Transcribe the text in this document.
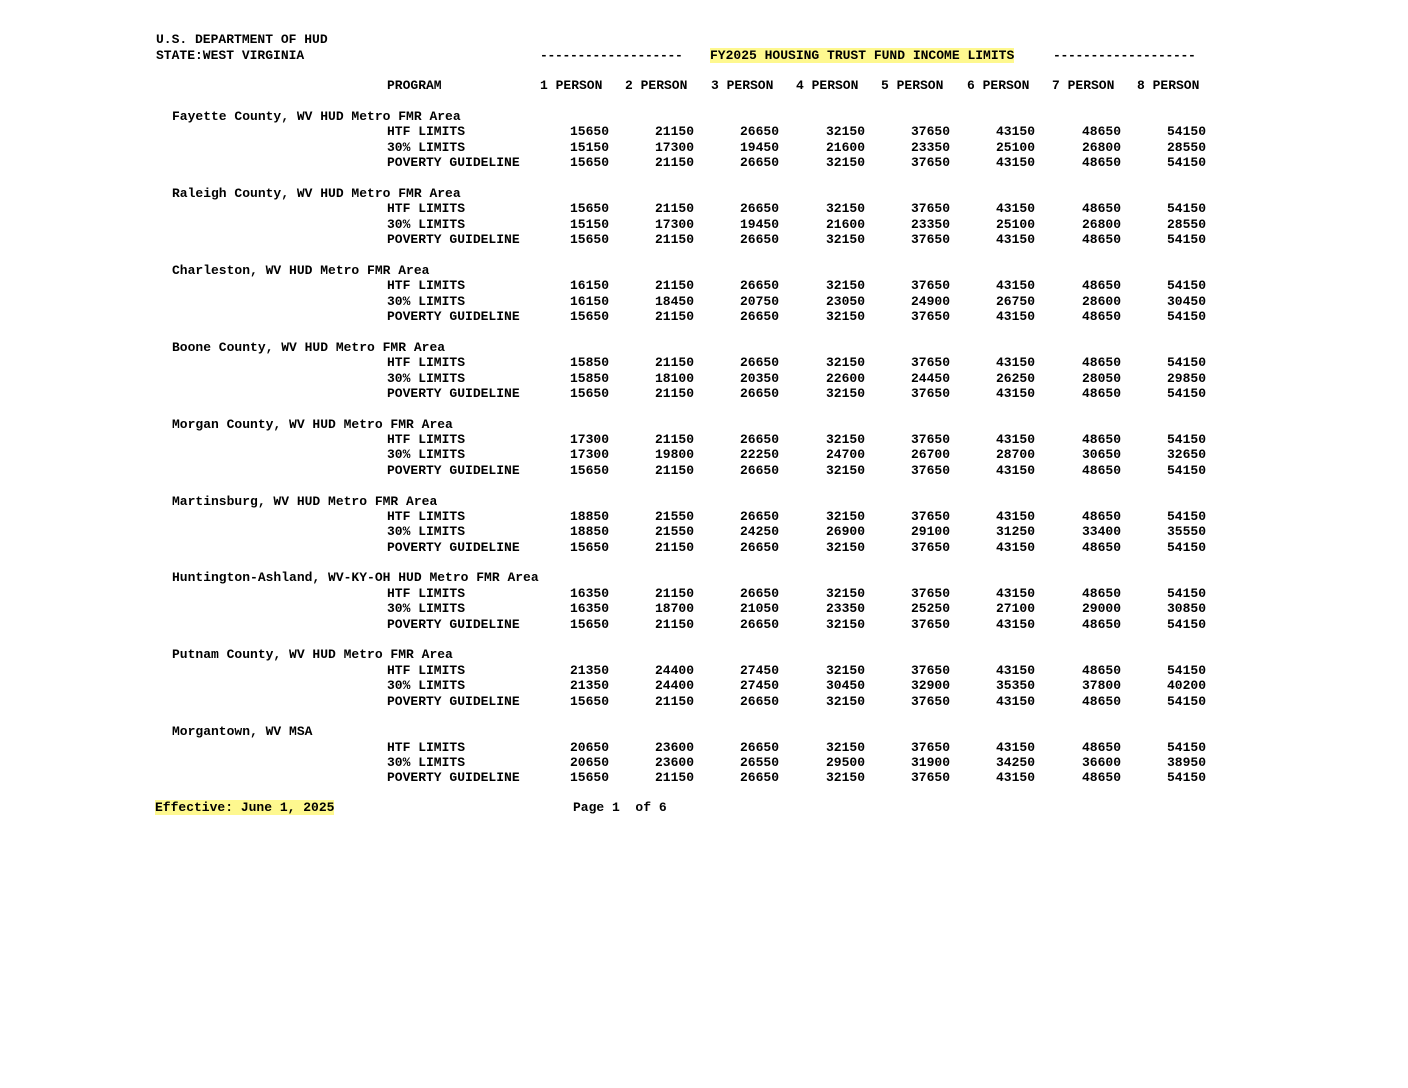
U.S. DEPARTMENT OF HUD
STATE:WEST VIRGINIA	------------------- FY2025 HOUSING TRUST FUND INCOME LIMITS	-------------------
PROGRAM	1 PERSON 2 PERSON 3 PERSON 4 PERSON 5 PERSON 6 PERSON 7 PERSON 8 PERSON
Fayette County, WV HUD Metro FMR Area
HTF LIMITS	15650	21150	26650	32150	37650	43150	48650	54150
30% LIMITS	15150	17300	19450	21600	23350	25100	26800	28550
POVERTY GUIDELINE	15650	21150	26650	32150	37650	43150	48650	54150
Raleigh County, WV HUD Metro FMR Area
HTF LIMITS	15650	21150	26650	32150	37650	43150	48650	54150
30% LIMITS	15150	17300	19450	21600	23350	25100	26800	28550
POVERTY GUIDELINE	15650	21150	26650	32150	37650	43150	48650	54150
Charleston, WV HUD Metro FMR Area
HTF LIMITS	16150	21150	26650	32150	37650	43150	48650	54150
30% LIMITS	16150	18450	20750	23050	24900	26750	28600	30450
POVERTY GUIDELINE	15650	21150	26650	32150	37650	43150	48650	54150
Boone County, WV HUD Metro FMR Area
HTF LIMITS	15850	21150	26650	32150	37650	43150	48650	54150
30% LIMITS	15850	18100	20350	22600	24450	26250	28050	29850
POVERTY GUIDELINE	15650	21150	26650	32150	37650	43150	48650	54150
Morgan County, WV HUD Metro FMR Area
HTF LIMITS	17300	21150	26650	32150	37650	43150	48650	54150
30% LIMITS	17300	19800	22250	24700	26700	28700	30650	32650
POVERTY GUIDELINE	15650	21150	26650	32150	37650	43150	48650	54150
Martinsburg, WV HUD Metro FMR Area
HTF LIMITS	18850	21550	26650	32150	37650	43150	48650	54150
30% LIMITS	18850	21550	24250	26900	29100	31250	33400	35550
POVERTY GUIDELINE	15650	21150	26650	32150	37650	43150	48650	54150
Huntington-Ashland, WV-KY-OH HUD Metro FMR Area
HTF LIMITS	16350	21150	26650	32150	37650	43150	48650	54150
30% LIMITS	16350	18700	21050	23350	25250	27100	29000	30850
POVERTY GUIDELINE	15650	21150	26650	32150	37650	43150	48650	54150
Putnam County, WV HUD Metro FMR Area
HTF LIMITS	21350	24400	27450	32150	37650	43150	48650	54150
30% LIMITS	21350	24400	27450	30450	32900	35350	37800	40200
POVERTY GUIDELINE	15650	21150	26650	32150	37650	43150	48650	54150
Morgantown, WV MSA
HTF LIMITS	20650	23600	26650	32150	37650	43150	48650	54150
30% LIMITS	20650	23600	26550	29500	31900	34250	36600	38950
POVERTY GUIDELINE	15650	21150	26650	32150	37650	43150	48650	54150
Effective: June 1, 2025	Page 1  of 6
